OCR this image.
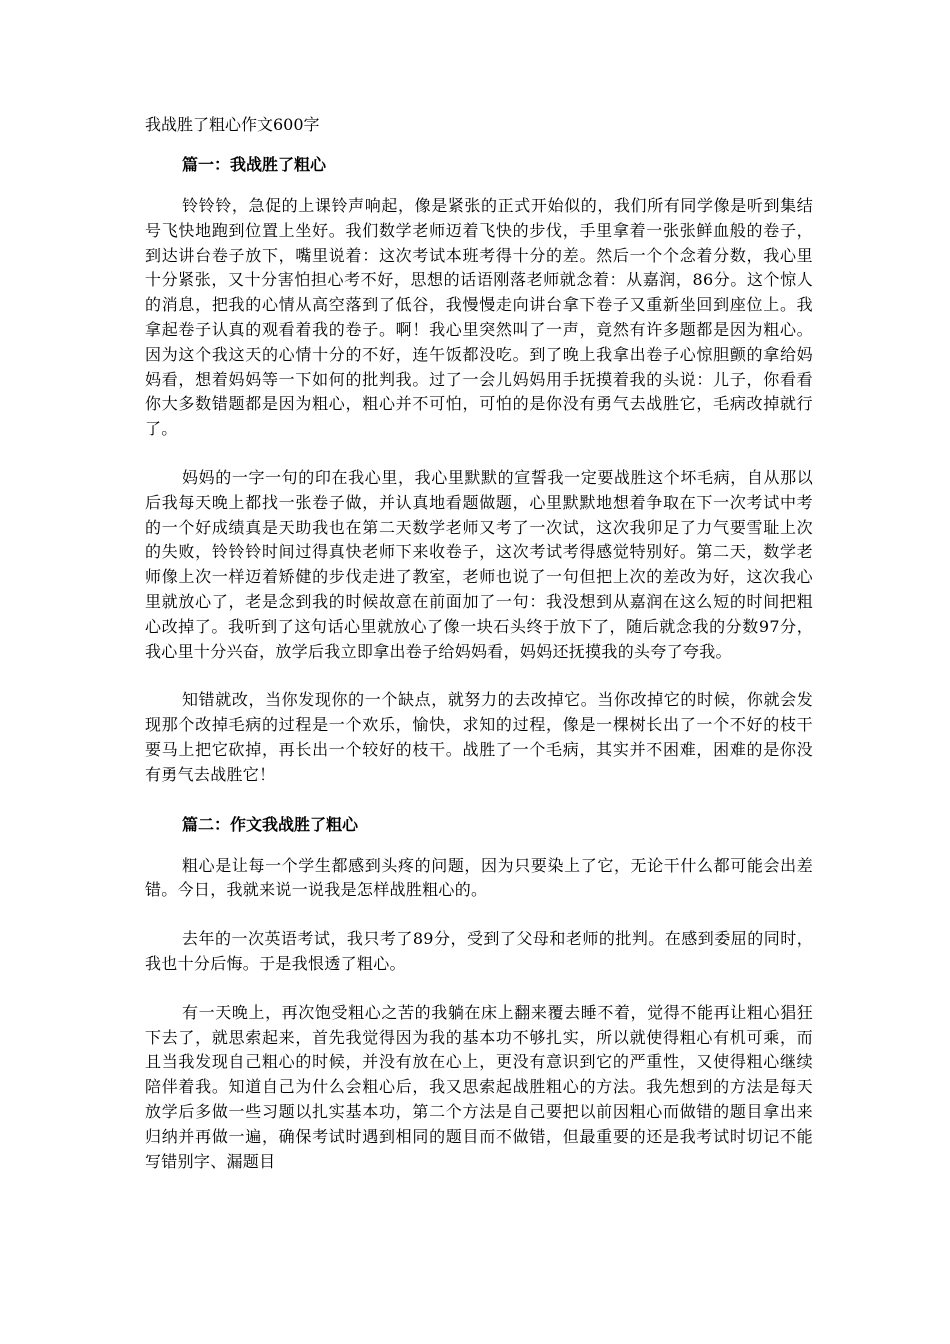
我战胜了粗心作文600字
篇一：我战胜了粗心

铃铃铃，急促的上课铃声响起，像是紧张的正式开始似的，我们所有同学像是听到集结号飞快地跑到位置上坐好。我们数学老师迈着飞快的步伐，手里拿着一张张鲜血般的卷子，到达讲台卷子放下，嘴里说着：这次考试本班考得十分的差。然后一个个念着分数，我心里十分紧张，又十分害怕担心考不好，思想的话语刚落老师就念着：从嘉润，86分。这个惊人的消息，把我的心情从高空落到了低谷，我慢慢走向讲台拿下卷子又重新坐回到座位上。我拿起卷子认真的观看着我的卷子。啊！我心里突然叫了一声，竟然有许多题都是因为粗心。因为这个我这天的心情十分的不好，连午饭都没吃。到了晚上我拿出卷子心惊胆颤的拿给妈妈看，想着妈妈等一下如何的批判我。过了一会儿妈妈用手抚摸着我的头说：儿子，你看看你大多数错题都是因为粗心，粗心并不可怕，可怕的是你没有勇气去战胜它，毛病改掉就行了。

妈妈的一字一句的印在我心里，我心里默默的宣誓我一定要战胜这个坏毛病，自从那以后我每天晚上都找一张卷子做，并认真地看题做题，心里默默地想着争取在下一次考试中考的一个好成绩真是天助我也在第二天数学老师又考了一次试，这次我卯足了力气要雪耻上次的失败，铃铃铃时间过得真快老师下来收卷子，这次考试考得感觉特别好。第二天，数学老师像上次一样迈着矫健的步伐走进了教室，老师也说了一句但把上次的差改为好，这次我心里就放心了，老是念到我的时候故意在前面加了一句：我没想到从嘉润在这么短的时间把粗心改掉了。我听到了这句话心里就放心了像一块石头终于放下了，随后就念我的分数97分，我心里十分兴奋，放学后我立即拿出卷子给妈妈看，妈妈还抚摸我的头夸了夸我。

知错就改，当你发现你的一个缺点，就努力的去改掉它。当你改掉它的时候，你就会发现那个改掉毛病的过程是一个欢乐，愉快，求知的过程，像是一棵树长出了一个不好的枝干要马上把它砍掉，再长出一个较好的枝干。战胜了一个毛病，其实并不困难，困难的是你没有勇气去战胜它！

篇二：作文我战胜了粗心

粗心是让每一个学生都感到头疼的问题，因为只要染上了它，无论干什么都可能会出差错。今日，我就来说一说我是怎样战胜粗心的。

去年的一次英语考试，我只考了89分，受到了父母和老师的批判。在感到委屈的同时，我也十分后悔。于是我恨透了粗心。

有一天晚上，再次饱受粗心之苦的我躺在床上翻来覆去睡不着，觉得不能再让粗心猖狂下去了，就思索起来，首先我觉得因为我的基本功不够扎实，所以就使得粗心有机可乘，而且当我发现自己粗心的时候，并没有放在心上，更没有意识到它的严重性，又使得粗心继续陪伴着我。知道自己为什么会粗心后，我又思索起战胜粗心的方法。我先想到的方法是每天放学后多做一些习题以扎实基本功，第二个方法是自己要把以前因粗心而做错的题目拿出来归纳并再做一遍，确保考试时遇到相同的题目而不做错，但最重要的还是我考试时切记不能写错别字、漏题目
